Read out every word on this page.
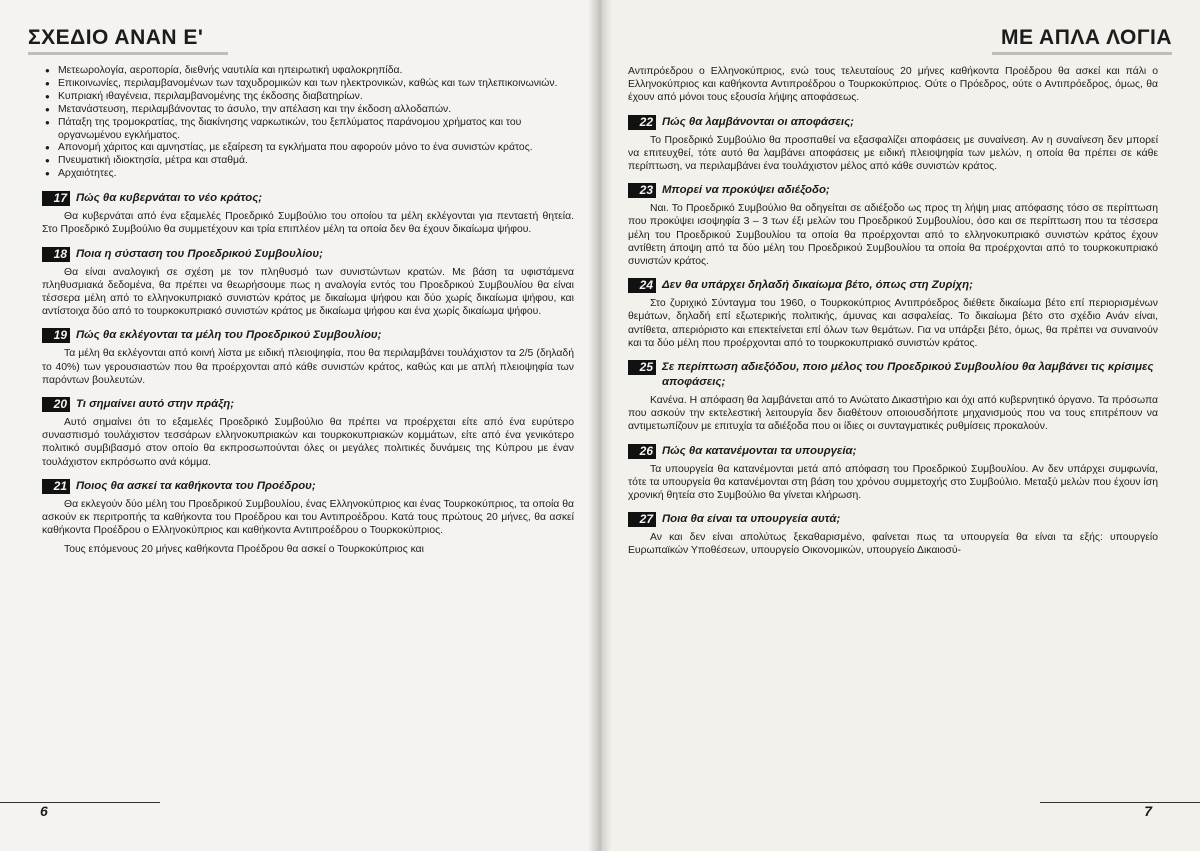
ΣΧΕΔΙΟ ΑΝΑΝ Ε'
● Μετεωρολογία, αεροπορία, διεθνής ναυτιλία και ηπειρωτική υφαλοκρηπίδα.
● Επικοινωνίες, περιλαμβανομένων των ταχυδρομικών και των ηλεκτρονικών, καθώς και των τηλεπικοινωνιών.
● Κυπριακή ιθαγένεια, περιλαμβανομένης της έκδοσης διαβατηρίων.
● Μετανάστευση, περιλαμβάνοντας το άσυλο, την απέλαση και την έκδοση αλλοδαπών.
● Πάταξη της τρομοκρατίας, της διακίνησης ναρκωτικών, του ξεπλύματος παράνομου χρήματος και του οργανωμένου εγκλήματος.
● Απονομή χάριτος και αμνηστίας, με εξαίρεση τα εγκλήματα που αφορούν μόνο το ένα συνιστών κράτος.
● Πνευματική ιδιοκτησία, μέτρα και σταθμά.
● Αρχαιότητες.
17 Πώς θα κυβερνάται το νέο κράτος;

Θα κυβερνάται από ένα εξαμελές Προεδρικό Συμβούλιο του οποίου τα μέλη εκλέγονται για πενταετή θητεία. Στο Προεδρικό Συμβούλιο θα συμμετέχουν και τρία επιπλέον μέλη τα οποία δεν θα έχουν δικαίωμα ψήφου.

18 Ποια η σύσταση του Προεδρικού Συμβουλίου;

Θα είναι αναλογική σε σχέση με τον πληθυσμό των συνιστώντων κρατών. Με βάση τα υφιστάμενα πληθυσμιακά δεδομένα, θα πρέπει να θεωρήσουμε πως η αναλογία εντός του Προεδρικού Συμβουλίου θα είναι τέσσερα μέλη από το ελληνοκυπριακό συνιστών κράτος με δικαίωμα ψήφου και δύο χωρίς δικαίωμα ψήφου, και αντίστοιχα δύο από το τουρκοκυπριακό συνιστών κράτος με δικαίωμα ψήφου και ένα χωρίς δικαίωμα ψήφου.

19 Πώς θα εκλέγονται τα μέλη του Προεδρικού Συμβουλίου;

Τα μέλη θα εκλέγονται από κοινή λίστα με ειδική πλειοψηφία, που θα περιλαμβάνει τουλάχιστον τα 2/5 (δηλαδή το 40%) των γερουσιαστών που θα προέρχονται από κάθε συνιστών κράτος, καθώς και με απλή πλειοψηφία των παρόντων βουλευτών.

20 Τι σημαίνει αυτό στην πράξη;

Αυτό σημαίνει ότι το εξαμελές Προεδρικό Συμβούλιο θα πρέπει να προέρχεται είτε από ένα ευρύτερο συνασπισμό τουλάχιστον τεσσάρων ελληνοκυπριακών και τουρκοκυπριακών κομμάτων, είτε από ένα γενικότερο πολιτικό συμβιβασμό στον οποίο θα εκπροσωπούνται όλες οι μεγάλες πολιτικές δυνάμεις της Κύπρου με έναν τουλάχιστον εκπρόσωπο ανά κόμμα.

21 Ποιος θα ασκεί τα καθήκοντα του Προέδρου;

Θα εκλεγούν δύο μέλη του Προεδρικού Συμβουλίου, ένας Ελληνοκύπριος και ένας Τουρκοκύπριος, τα οποία θα ασκούν εκ περιτροπής τα καθήκοντα του Προέδρου και του Αντιπροέδρου. Κατά τους πρώτους 20 μήνες, θα ασκεί καθήκοντα Προέδρου ο Ελληνοκύπριος και καθήκοντα Αντιπροέδρου ο Τουρκοκύπριος.

Τους επόμενους 20 μήνες καθήκοντα Προέδρου θα ασκεί ο Τουρκοκύπριος και

6
ΜΕ ΑΠΛΑ ΛΟΓΙΑ

Αντιπρόεδρου ο Ελληνοκύπριος, ενώ τους τελευταίους 20 μήνες καθήκοντα Προέδρου θα ασκεί και πάλι ο Ελληνοκύπριος και καθήκοντα Αντιπροέδρου ο Τουρκοκύπριος. Ούτε ο Πρόεδρος, ούτε ο Αντιπρόεδρος, όμως, θα έχουν από μόνοι τους εξουσία λήψης αποφάσεως.

22 Πώς θα λαμβάνονται οι αποφάσεις;

Το Προεδρικό Συμβούλιο θα προσπαθεί να εξασφαλίζει αποφάσεις με συναίνεση. Αν η συναίνεση δεν μπορεί να επιτευχθεί, τότε αυτό θα λαμβάνει αποφάσεις με ειδική πλειοψηφία των μελών, η οποία θα πρέπει σε κάθε περίπτωση, να περιλαμβάνει ένα τουλάχιστον μέλος από κάθε συνιστών κράτος.

23 Μπορεί να προκύψει αδιέξοδο;

Ναι. Το Προεδρικό Συμβούλιο θα οδηγείται σε αδιέξοδο ως προς τη λήψη μιας απόφασης τόσο σε περίπτωση που προκύψει ισοψηφία 3 – 3 των έξι μελών του Προεδρικού Συμβουλίου, όσο και σε περίπτωση που τα τέσσερα μέλη του Προεδρικού Συμβουλίου τα οποία θα προέρχονται από το ελληνοκυπριακό συνιστών κράτος έχουν αντίθετη άποψη από τα δύο μέλη του Προεδρικού Συμβουλίου τα οποία θα προέρχονται από το τουρκοκυπριακό συνιστών κράτος.

24 Δεν θα υπάρχει δηλαδή δικαίωμα βέτο, όπως στη Ζυρίχη;

Στο ζυριχικό Σύνταγμα του 1960, ο Τουρκοκύπριος Αντιπρόεδρος διέθετε δικαίωμα βέτο επί περιορισμένων θεμάτων, δηλαδή επί εξωτερικής πολιτικής, άμυνας και ασφαλείας. Το δικαίωμα βέτο στο σχέδιο Ανάν είναι, αντίθετα, απεριόριστο και επεκτείνεται επί όλων των θεμάτων. Για να υπάρξει βέτο, όμως, θα πρέπει να συναινούν και τα δύο μέλη που προέρχονται από το τουρκοκυπριακό συνιστών κράτος.

25 Σε περίπτωση αδιεξόδου, ποιο μέλος του Προεδρικού Συμβουλίου θα λαμβάνει τις κρίσιμες αποφάσεις;

Κανένα. Η απόφαση θα λαμβάνεται από το Ανώτατο Δικαστήριο και όχι από κυβερνητικό όργανο. Τα πρόσωπα που ασκούν την εκτελεστική λειτουργία δεν διαθέτουν οποιουσδήποτε μηχανισμούς που να τους επιτρέπουν να αντιμετωπίζουν με επιτυχία τα αδιέξοδα που οι ίδιες οι συνταγματικές ρυθμίσεις προκαλούν.

26 Πώς θα κατανέμονται τα υπουργεία;

Τα υπουργεία θα κατανέμονται μετά από απόφαση του Προεδρικού Συμβουλίου. Αν δεν υπάρχει συμφωνία, τότε τα υπουργεία θα κατανέμονται στη βάση του χρόνου συμμετοχής στο Συμβούλιο. Μεταξύ μελών που έχουν ίση χρονική θητεία στο Συμβούλιο θα γίνεται κλήρωση.

27 Ποια θα είναι τα υπουργεία αυτά;

Αν και δεν είναι απολύτως ξεκαθαρισμένο, φαίνεται πως τα υπουργεία θα είναι τα εξής: υπουργείο Ευρωπαϊκών Υποθέσεων, υπουργείο Οικονομικών, υπουργείο Δικαιοσύ-

7
